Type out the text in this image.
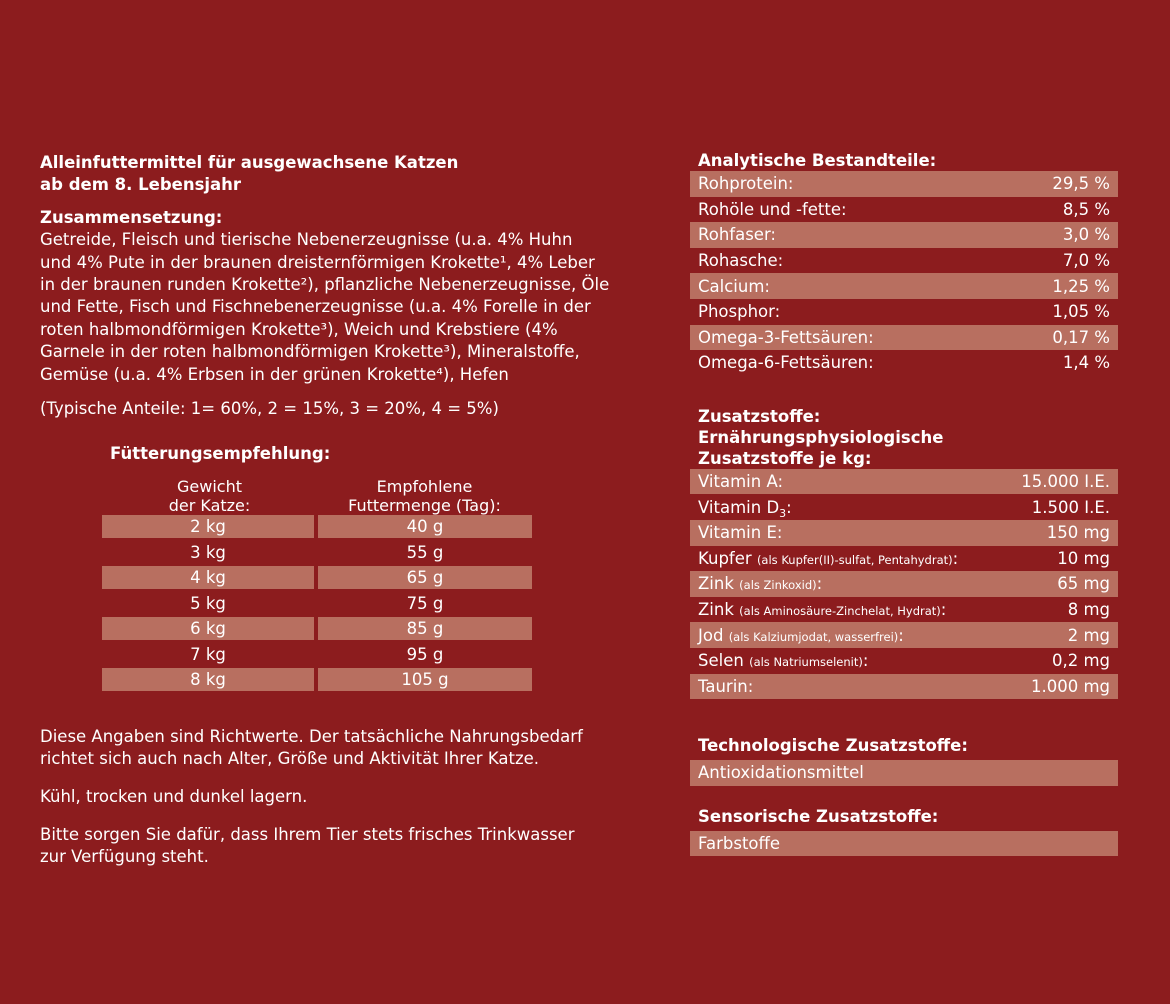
Alleinfuttermittel für ausgewachsene Katzen

ab dem 8. Lebensjahr

Zusammensetzung:

Getreide, Fleisch und tierische Nebenerzeugnisse (u.a. 4% Huhn

und 4% Pute in der braunen dreisternförmigen Krokette¹, 4% Leber

in der braunen runden Krokette²), pflanzliche Nebenerzeugnisse, Öle

und Fette, Fisch und Fischnebenerzeugnisse (u.a. 4% Forelle in der

roten halbmondförmigen Krokette³), Weich und Krebstiere (4%

Garnele in der roten halbmondförmigen Krokette³), Mineralstoffe,

Gemüse (u.a. 4% Erbsen in der grünen Krokette⁴), Hefen

(Typische Anteile: 1= 60%, 2 = 15%, 3 = 20%, 4 = 5%)

Fütterungsempfehlung:
Gewicht
der Katze:
Empfohlene
Futtermenge (Tag):
2 kg	40 g
3 kg	55 g
4 kg	65 g
5 kg	75 g
6 kg	85 g
7 kg	95 g
8 kg	105 g

Diese Angaben sind Richtwerte. Der tatsächliche Nahrungsbedarf

richtet sich auch nach Alter, Größe und Aktivität Ihrer Katze.

Kühl, trocken und dunkel lagern.

Bitte sorgen Sie dafür, dass Ihrem Tier stets frisches Trinkwasser

zur Verfügung steht.

Analytische Bestandteile:
Rohprotein:	29,5 %
Rohöle und -fette:	8,5 %
Rohfaser:	3,0 %
Rohasche:	7,0 %
Calcium:	1,25 %
Phosphor:	1,05 %
Omega-3-Fettsäuren:	0,17 %
Omega-6-Fettsäuren:	1,4 %
Zusatzstoffe:
Ernährungsphysiologische
Zusatzstoffe je kg:
Vitamin A:	15.000 I.E.
Vitamin $D_3$:	1.500 I.E.
Vitamin E:	150 mg
Kupfer (als Kupfer(II)-sulfat, Pentahydrat):	10 mg
Zink (als Zinkoxid):	65 mg
Zink (als Aminosäure-Zinchelat, Hydrat):	8 mg
Jod (als Kalziumjodat, wasserfrei):	2 mg
Selen (als Natriumselenit):	0,2 mg
Taurin:	1.000 mg
Technologische Zusatzstoffe:
Antioxidationsmittel
Sensorische Zusatzstoffe:
Farbstoffe
